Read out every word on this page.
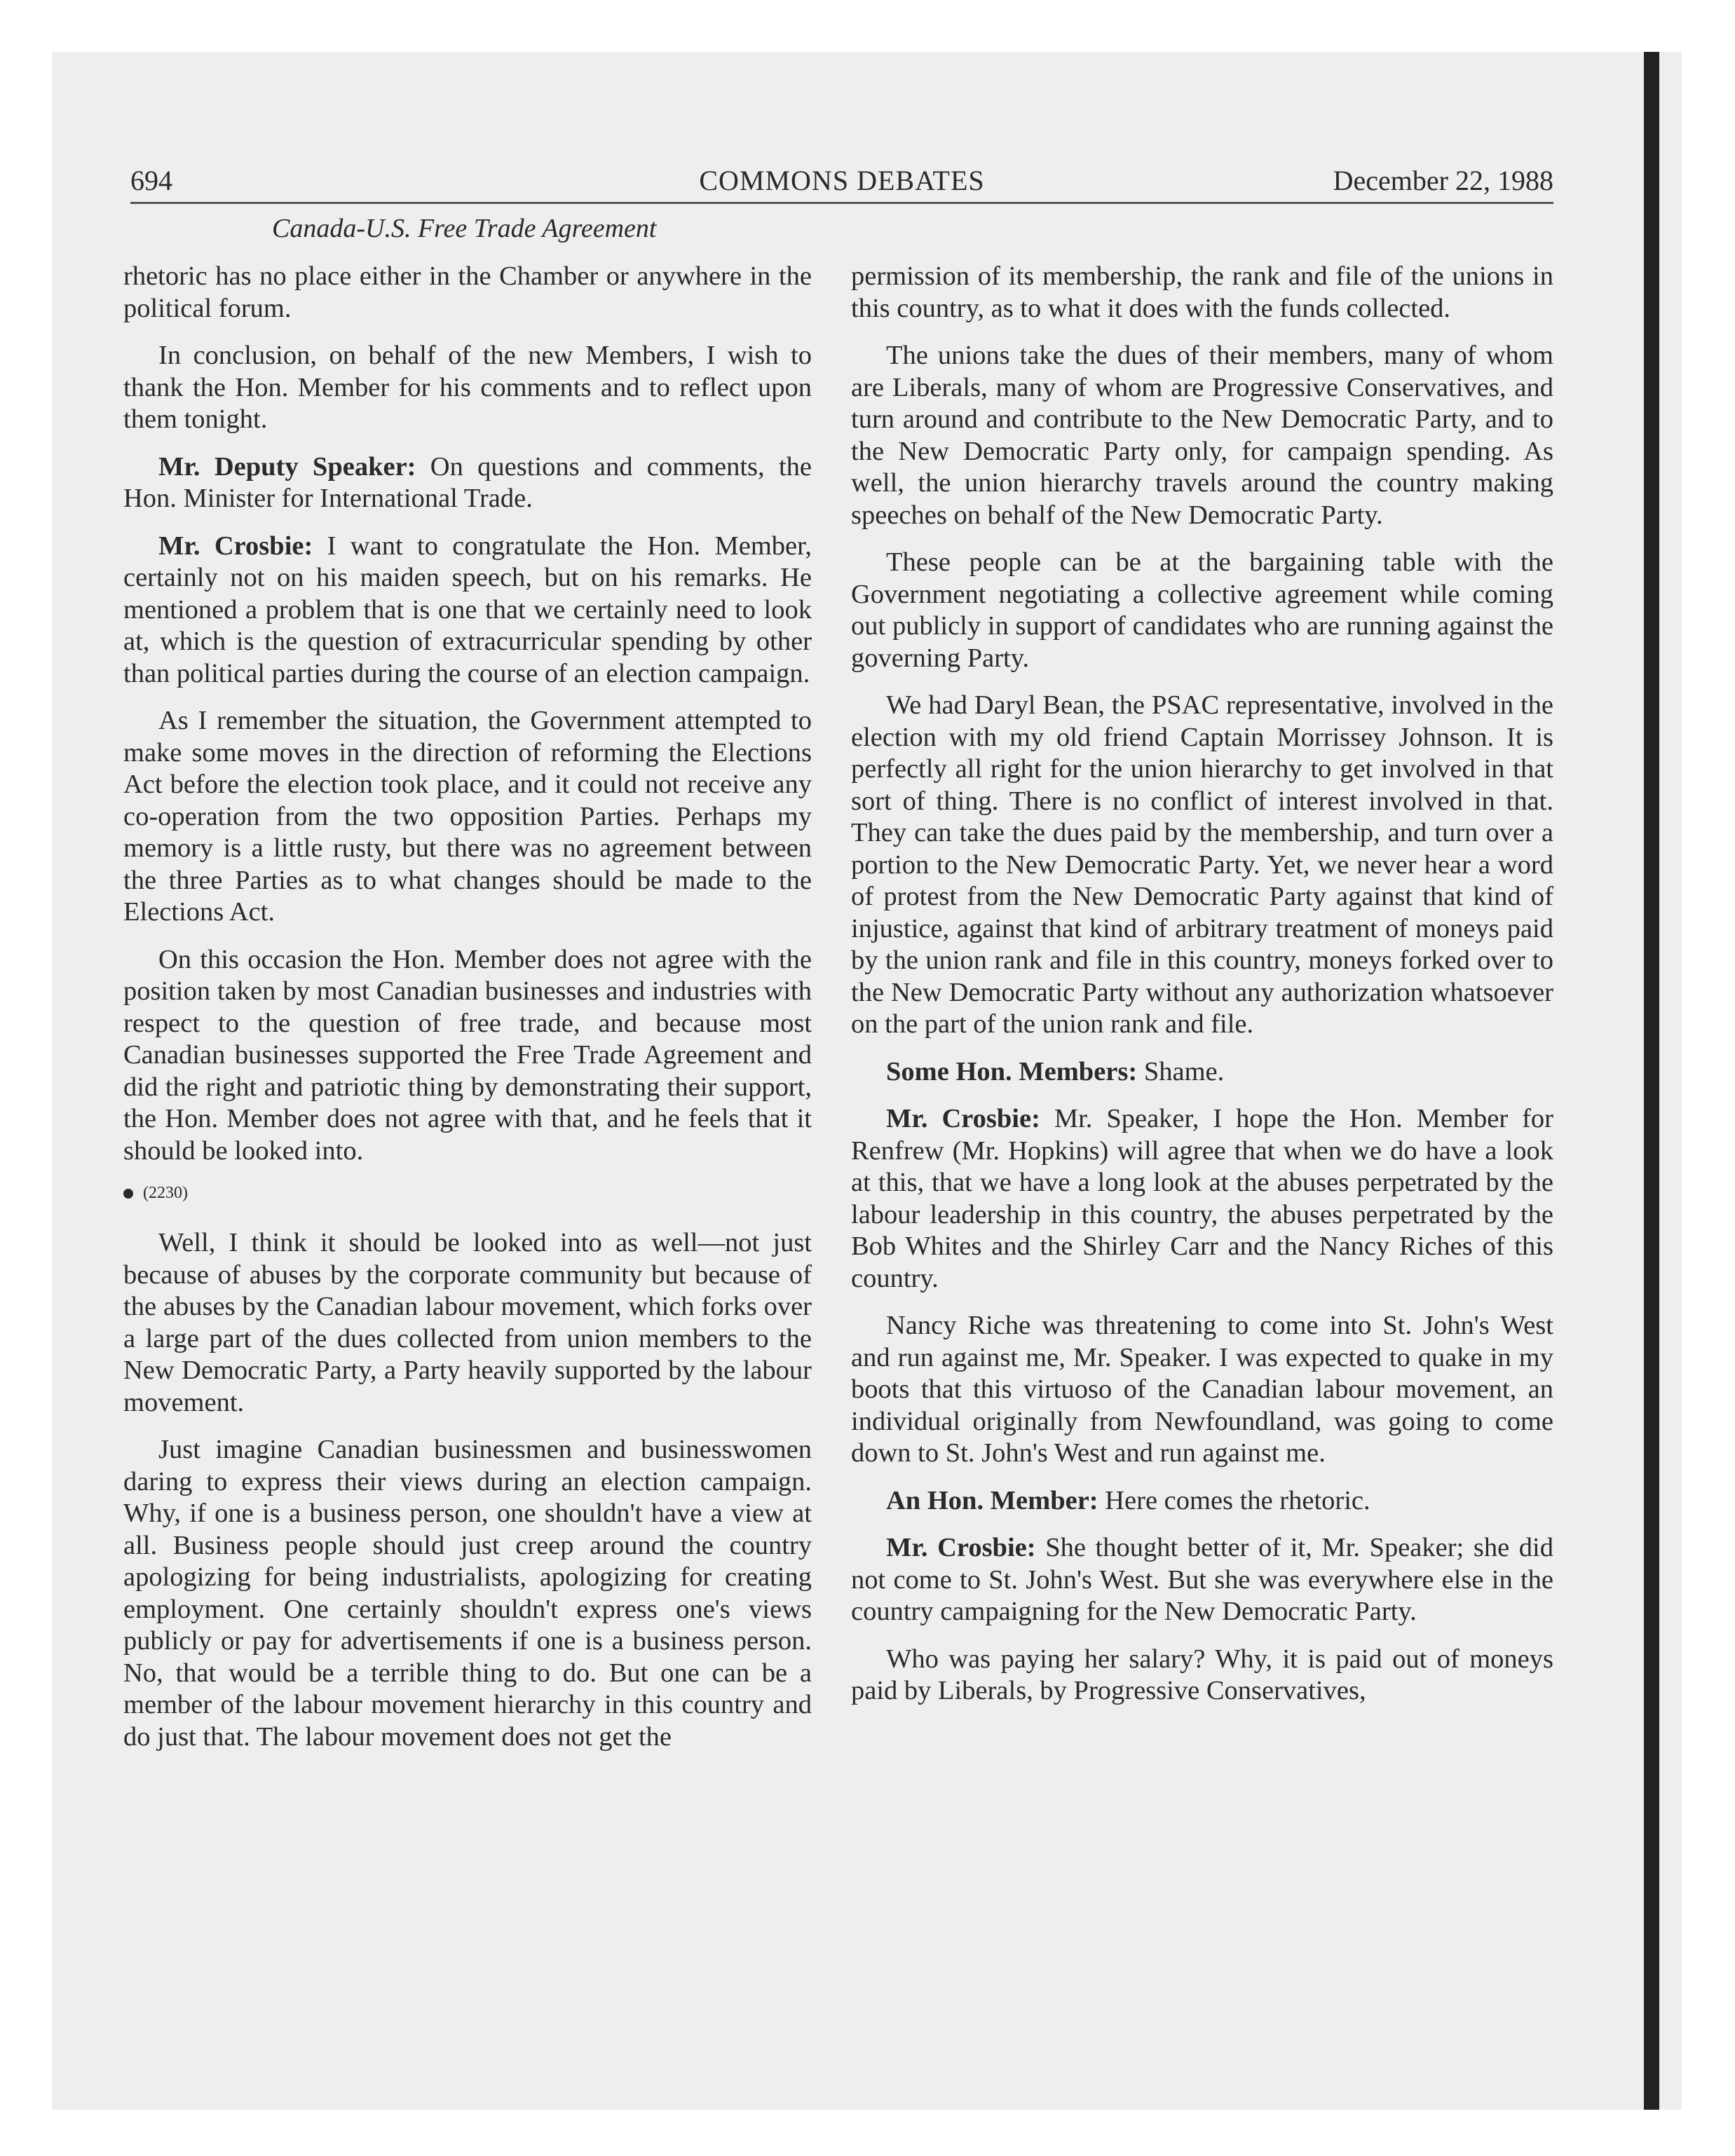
694	COMMONS DEBATES	December 22, 1988
Canada-U.S. Free Trade Agreement

rhetoric has no place either in the Chamber or anywhere in the political forum.

In conclusion, on behalf of the new Members, I wish to thank the Hon. Member for his comments and to reflect upon them tonight.

Mr. Deputy Speaker: On questions and comments, the Hon. Minister for International Trade.

Mr. Crosbie: I want to congratulate the Hon. Member, certainly not on his maiden speech, but on his remarks. He mentioned a problem that is one that we certainly need to look at, which is the question of extracurricular spending by other than political parties during the course of an election campaign.

As I remember the situation, the Government attempted to make some moves in the direction of reforming the Elections Act before the election took place, and it could not receive any co-operation from the two opposition Parties. Perhaps my memory is a little rusty, but there was no agreement between the three Parties as to what changes should be made to the Elections Act.

On this occasion the Hon. Member does not agree with the position taken by most Canadian businesses and industries with respect to the question of free trade, and because most Canadian businesses supported the Free Trade Agreement and did the right and patriotic thing by demonstrating their support, the Hon. Member does not agree with that, and he feels that it should be looked into.

(2230)

Well, I think it should be looked into as well—not just because of abuses by the corporate community but because of the abuses by the Canadian labour movement, which forks over a large part of the dues collected from union members to the New Democratic Party, a Party heavily supported by the labour movement.

Just imagine Canadian businessmen and businesswomen daring to express their views during an election campaign. Why, if one is a business person, one shouldn't have a view at all. Business people should just creep around the country apologizing for being industrialists, apologizing for creating employment. One certainly shouldn't express one's views publicly or pay for advertisements if one is a business person. No, that would be a terrible thing to do. But one can be a member of the labour movement hierarchy in this country and do just that. The labour movement does not get the

permission of its membership, the rank and file of the unions in this country, as to what it does with the funds collected.

The unions take the dues of their members, many of whom are Liberals, many of whom are Progressive Conservatives, and turn around and contribute to the New Democratic Party, and to the New Democratic Party only, for campaign spending. As well, the union hierarchy travels around the country making speeches on behalf of the New Democratic Party.

These people can be at the bargaining table with the Government negotiating a collective agreement while coming out publicly in support of candidates who are running against the governing Party.

We had Daryl Bean, the PSAC representative, involved in the election with my old friend Captain Morrissey Johnson. It is perfectly all right for the union hierarchy to get involved in that sort of thing. There is no conflict of interest involved in that. They can take the dues paid by the membership, and turn over a portion to the New Democratic Party. Yet, we never hear a word of protest from the New Democratic Party against that kind of injustice, against that kind of arbitrary treatment of moneys paid by the union rank and file in this country, moneys forked over to the New Democratic Party without any authorization whatsoever on the part of the union rank and file.

Some Hon. Members: Shame.

Mr. Crosbie: Mr. Speaker, I hope the Hon. Member for Renfrew (Mr. Hopkins) will agree that when we do have a look at this, that we have a long look at the abuses perpetrated by the labour leadership in this country, the abuses perpetrated by the Bob Whites and the Shirley Carr and the Nancy Riches of this country.

Nancy Riche was threatening to come into St. John's West and run against me, Mr. Speaker. I was expected to quake in my boots that this virtuoso of the Canadian labour movement, an individual originally from Newfoundland, was going to come down to St. John's West and run against me.

An Hon. Member: Here comes the rhetoric.

Mr. Crosbie: She thought better of it, Mr. Speaker; she did not come to St. John's West. But she was everywhere else in the country campaigning for the New Democratic Party.

Who was paying her salary? Why, it is paid out of moneys paid by Liberals, by Progressive Conservatives,
